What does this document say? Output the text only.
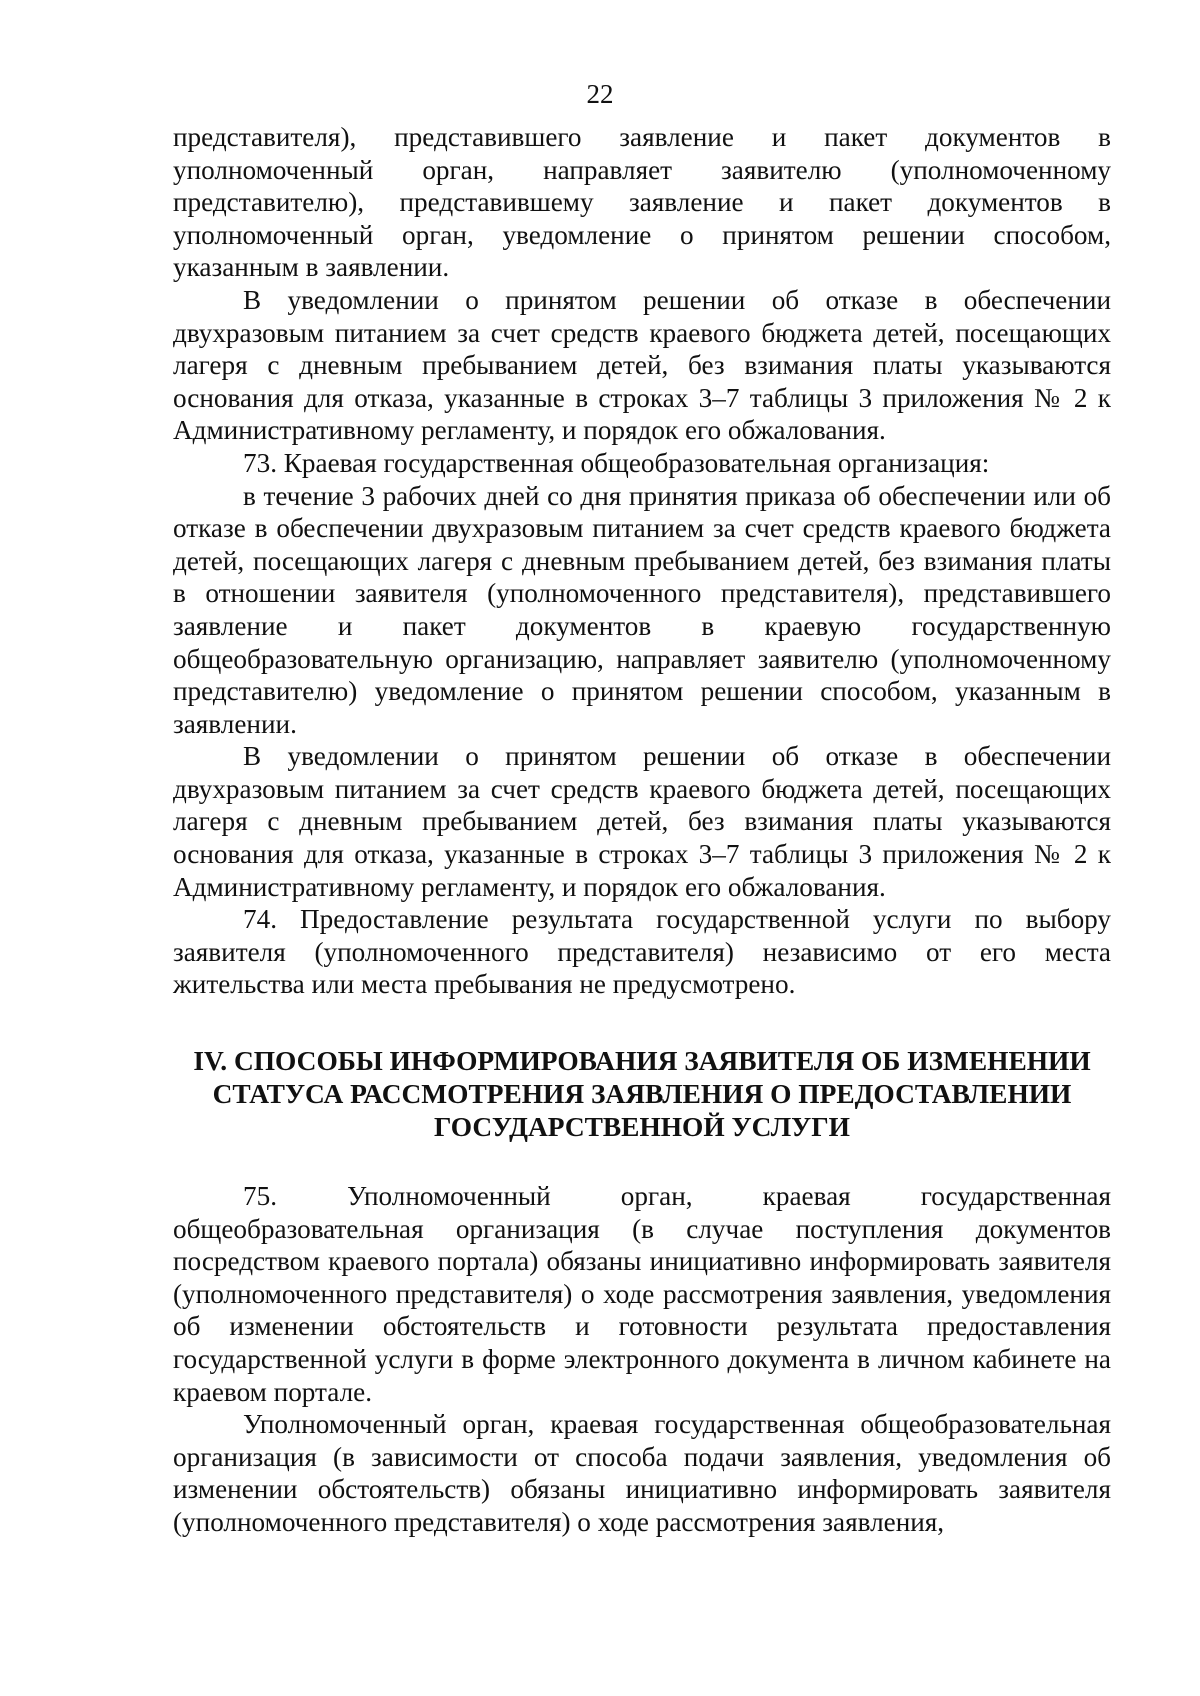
22

представителя), представившего заявление и пакет документов в уполномоченный орган, направляет заявителю (уполномоченному представителю), представившему заявление и пакет документов в уполномоченный орган, уведомление о принятом решении способом, указанным в заявлении.

В уведомлении о принятом решении об отказе в обеспечении двухразовым питанием за счет средств краевого бюджета детей, посещающих лагеря с дневным пребыванием детей, без взимания платы указываются основания для отказа, указанные в строках 3–7 таблицы 3 приложения № 2 к Административному регламенту, и порядок его обжалования.

73. Краевая государственная общеобразовательная организация:

в течение 3 рабочих дней со дня принятия приказа об обеспечении или об отказе в обеспечении двухразовым питанием за счет средств краевого бюджета детей, посещающих лагеря с дневным пребыванием детей, без взимания платы в отношении заявителя (уполномоченного представителя), представившего заявление и пакет документов в краевую государственную общеобразовательную организацию, направляет заявителю (уполномоченному представителю) уведомление о принятом решении способом, указанным в заявлении.

В уведомлении о принятом решении об отказе в обеспечении двухразовым питанием за счет средств краевого бюджета детей, посещающих лагеря с дневным пребыванием детей, без взимания платы указываются основания для отказа, указанные в строках 3–7 таблицы 3 приложения № 2 к Административному регламенту, и порядок его обжалования.

74. Предоставление результата государственной услуги по выбору заявителя (уполномоченного представителя) независимо от его места жительства или места пребывания не предусмотрено.

IV. СПОСОБЫ ИНФОРМИРОВАНИЯ ЗАЯВИТЕЛЯ ОБ ИЗМЕНЕНИИ
СТАТУСА РАССМОТРЕНИЯ ЗАЯВЛЕНИЯ О ПРЕДОСТАВЛЕНИИ
ГОСУДАРСТВЕННОЙ УСЛУГИ

75. Уполномоченный орган, краевая государственная общеобразовательная организация (в случае поступления документов посредством краевого портала) обязаны инициативно информировать заявителя (уполномоченного представителя) о ходе рассмотрения заявления, уведомления об изменении обстоятельств и готовности результата предоставления государственной услуги в форме электронного документа в личном кабинете на краевом портале.

Уполномоченный орган, краевая государственная общеобразовательная организация (в зависимости от способа подачи заявления, уведомления об изменении обстоятельств) обязаны инициативно информировать заявителя (уполномоченного представителя) о ходе рассмотрения заявления,
